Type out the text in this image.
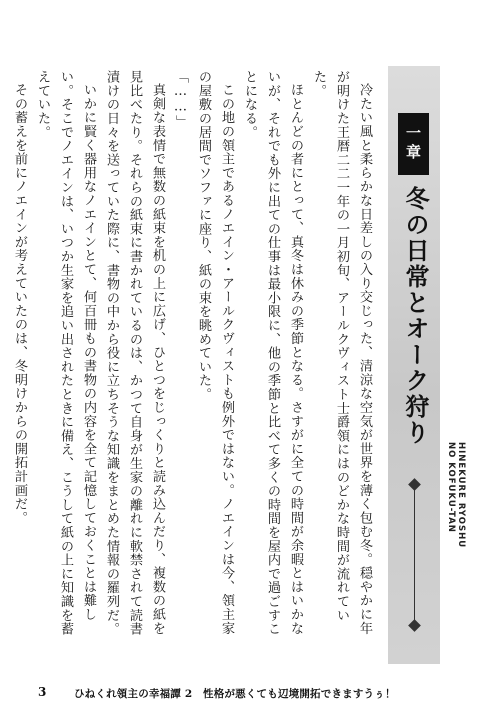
一章
冬の日常とオーク狩り
HINEKURE RYOSHU
NO KOFUKU-TAN

冷たい風と柔らかな日差しの入り交じった、清涼な空気が世界を薄く包む冬。穏やかに年が明けた王暦二二一年の一月初旬、アールクヴィスト士爵領にはのどかな時間が流れていた。

ほとんどの者にとって、真冬は休みの季節となる。さすがに全ての時間が余暇とはいかないが、それでも外に出ての仕事は最小限に、他の季節と比べて多くの時間を屋内で過ごすことになる。

この地の領主であるノエイン・アールクヴィストも例外ではない。ノエインは今、領主家の屋敷の居間でソファに座り、紙の束を眺めていた。

「……」

真剣な表情で無数の紙束を机の上に広げ、ひとつをじっくりと読み込んだり、複数の紙を見比べたり。それらの紙束に書かれているのは、かつて自身が生家の離れに軟禁されて読書漬けの日々を送っていた際に、書物の中から役に立ちそうな知識をまとめた情報の羅列だ。

いかに賢く器用なノエインとて、何百冊もの書物の内容を全て記憶しておくことは難しい。そこでノエインは、いつか生家を追い出されたときに備え、こうして紙の上に知識を蓄えていた。

その蓄えを前にノエインが考えていたのは、冬明けからの開拓計画だ。

3	ひねくれ領主の幸福譚 2　性格が悪くても辺境開拓できますうぅ！
